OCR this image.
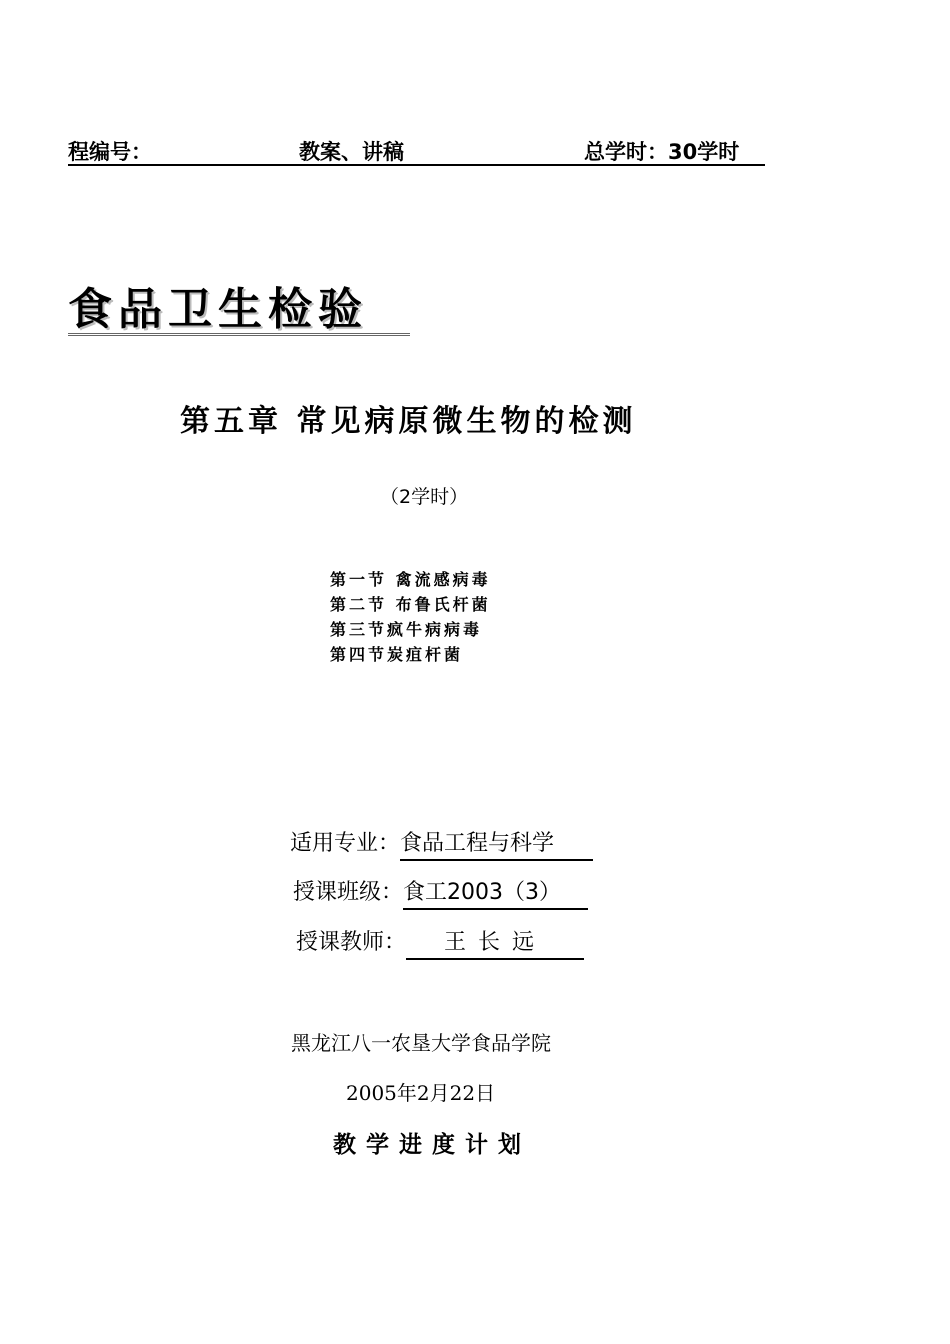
程编号：	教案、讲稿	总学时：30学时
食品卫生检验
第五章 常见病原微生物的检测
（2学时）
第一节 禽流感病毒
第二节 布鲁氏杆菌
第三节疯牛病病毒
第四节炭疽杆菌
适用专业：食品工程与科学
授课班级：食工2003（3）
授课教师： 王长远
黑龙江八一农垦大学食品学院
2005年2月22日
教学进度计划
